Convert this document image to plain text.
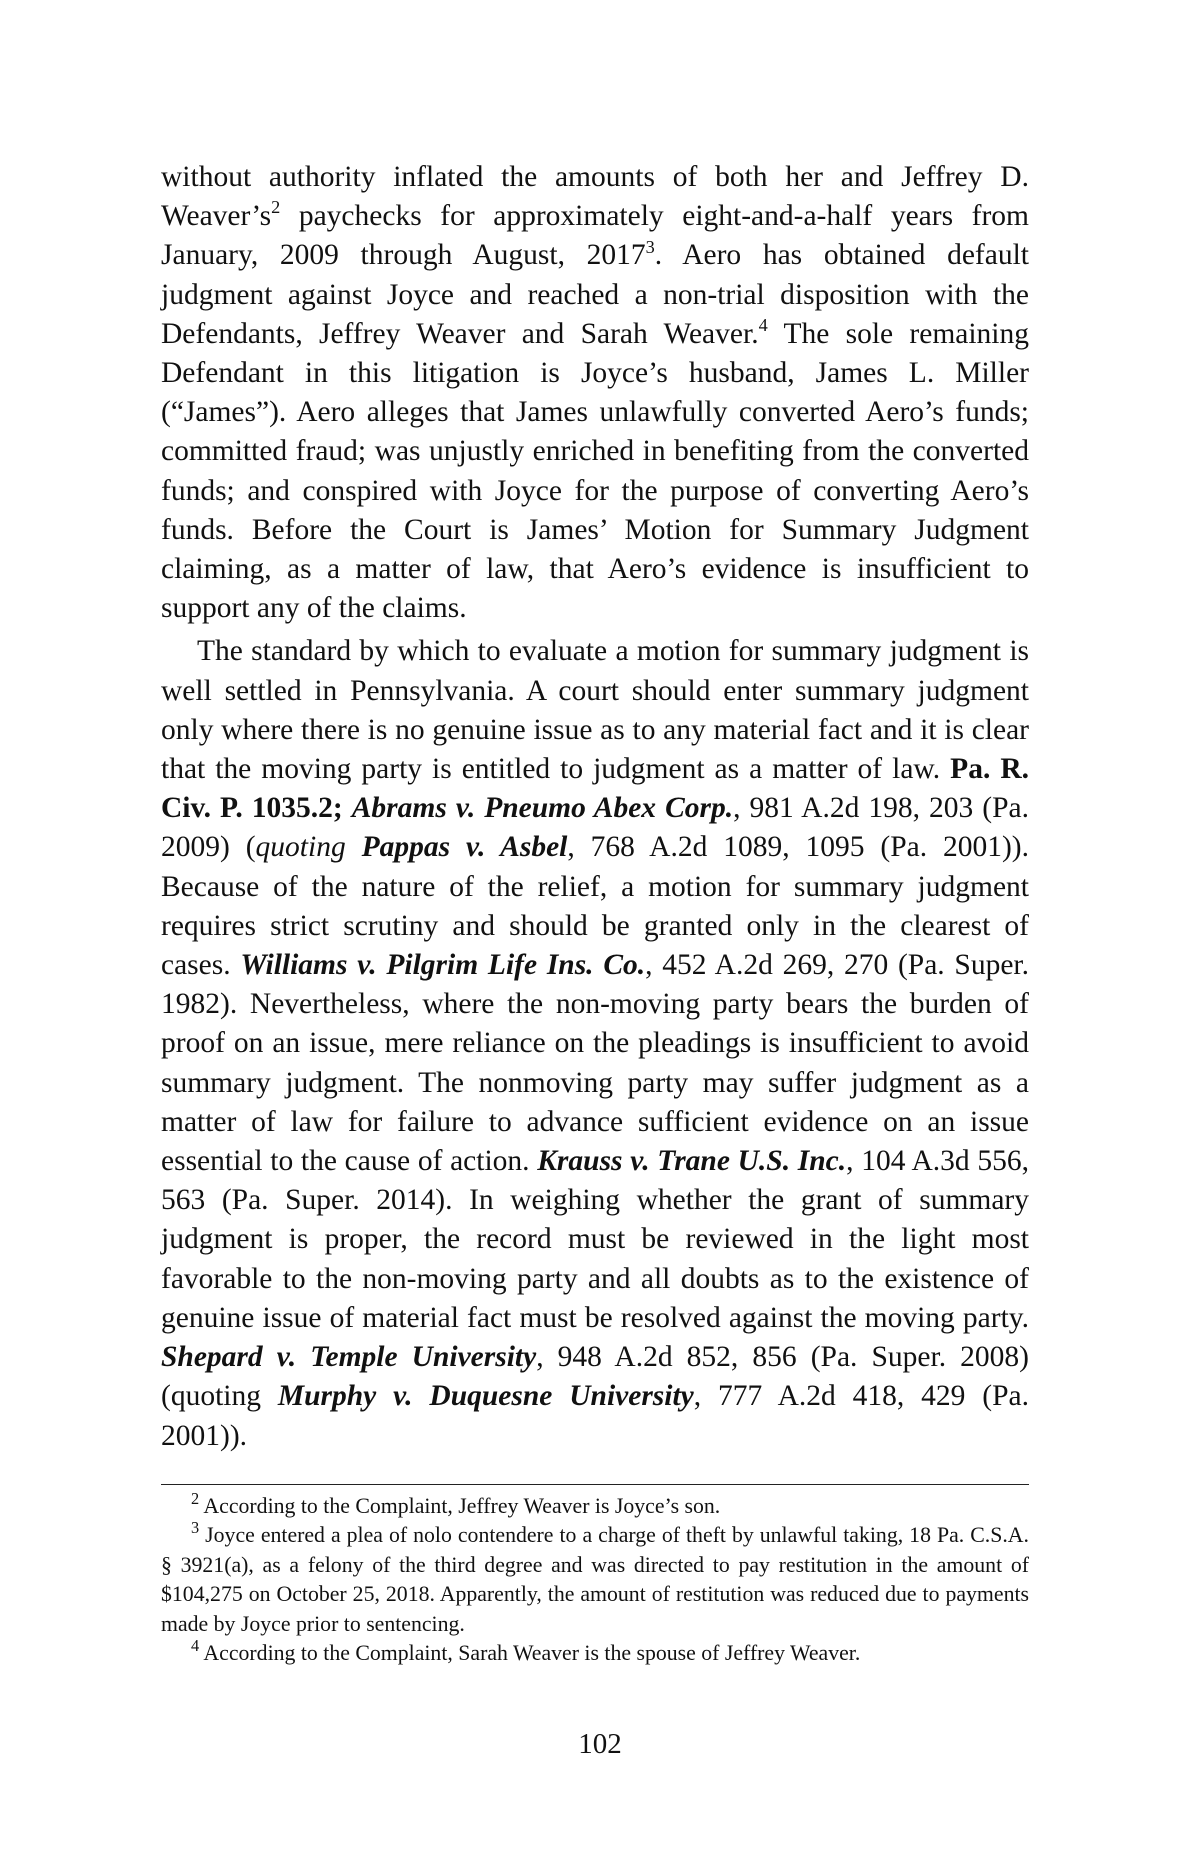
without authority inflated the amounts of both her and Jeffrey D. $Weaver’s^2$ paychecks for approximately eight-and-a-half years from January, 2009 through August, 2017$^3$. Aero has obtained default judgment against Joyce and reached a non-trial disposition with the Defendants, Jeffrey Weaver and Sarah Weaver.$^4$ The sole remaining Defendant in this litigation is Joyce’s husband, James L. Miller (“James”). Aero alleges that James unlawfully converted Aero’s funds; committed fraud; was unjustly enriched in benefiting from the converted funds; and conspired with Joyce for the purpose of converting Aero’s funds. Before the Court is James’ Motion for Summary Judgment claiming, as a matter of law, that Aero’s evidence is insufficient to support any of the claims.

The standard by which to evaluate a motion for summary judgment is well settled in Pennsylvania. A court should enter summary judgment only where there is no genuine issue as to any material fact and it is clear that the moving party is entitled to judgment as a matter of law. Pa. R. Civ. P. 1035.2; Abrams v. Pneumo Abex Corp., 981 A.2d 198, 203 (Pa. 2009) (quoting Pappas v. Asbel, 768 A.2d 1089, 1095 (Pa. 2001)). Because of the nature of the relief, a motion for summary judgment requires strict scrutiny and should be granted only in the clearest of cases. Williams v. Pilgrim Life Ins. Co., 452 A.2d 269, 270 (Pa. Super. 1982). Nevertheless, where the non-moving party bears the burden of proof on an issue, mere reliance on the pleadings is insufficient to avoid summary judgment. The nonmoving party may suffer judgment as a matter of law for failure to advance sufficient evidence on an issue essential to the cause of action. Krauss v. Trane U.S. Inc., 104 A.3d 556, 563 (Pa. Super. 2014). In weighing whether the grant of summary judgment is proper, the record must be reviewed in the light most favorable to the non-moving party and all doubts as to the existence of genuine issue of material fact must be resolved against the moving party. Shepard v. Temple University, 948 A.2d 852, 856 (Pa. Super. 2008) (quoting Murphy v. Duquesne University, 777 A.2d 418, 429 (Pa. 2001)).

$^2$ According to the Complaint, Jeffrey Weaver is Joyce’s son.

$^3$ Joyce entered a plea of nolo contendere to a charge of theft by unlawful taking, 18 Pa. C.S.A. § 3921(a), as a felony of the third degree and was directed to pay restitution in the amount of $104,275 on October 25, 2018. Apparently, the amount of restitution was reduced due to payments made by Joyce prior to sentencing.

$^4$ According to the Complaint, Sarah Weaver is the spouse of Jeffrey Weaver.

102
